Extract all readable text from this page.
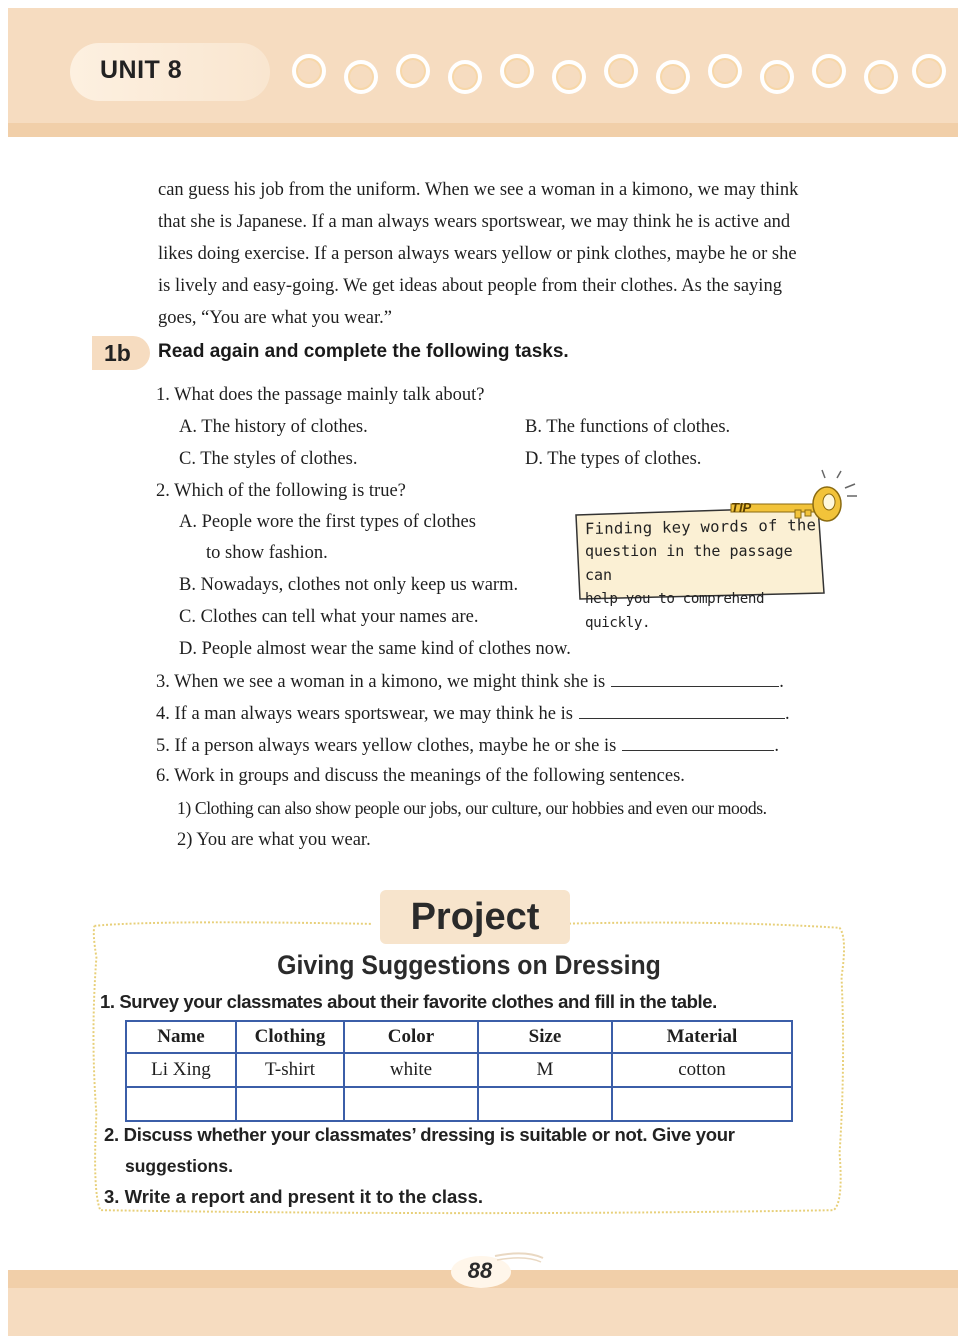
UNIT 8

can guess his job from the uniform. When we see a woman in a kimono, we may think

that she is Japanese. If a man always wears sportswear, we may think he is active and

likes doing exercise. If a person always wears yellow or pink clothes, maybe he or she

is lively and easy-going. We get ideas about people from their clothes. As the saying

goes, “You are what you wear.”

1b Read again and complete the following tasks.
1. What does the passage mainly talk about?
A. The history of clothes.	B. The functions of clothes.
C. The styles of clothes.	D. The types of clothes.
2. Which of the following is true?
A. People wore the first types of clothes
to show fashion.
B. Nowadays, clothes not only keep us warm.
C. Clothes can tell what your names are.
D. People almost wear the same kind of clothes now.
3. When we see a woman in a kimono, we might think she is	.
4. If a man always wears sportswear, we may think he is	.
5. If a person always wears yellow clothes, maybe he or she is	.
6. Work in groups and discuss the meanings of the following sentences.
1) Clothing can also show people our jobs, our culture, our hobbies and even our moods.
2) You are what you wear.
TIP
Finding key words of the
question in the passage can
help you to comprehend quickly.
Project
Giving Suggestions on Dressing
1. Survey your classmates about their favorite clothes and fill in the table.
Name	Clothing	Color	Size	Material
Li Xing	T-shirt	white	M	cotton

2. Discuss whether your classmates’ dressing is suitable or not. Give your
suggestions.
3. Write a report and present it to the class.
88
